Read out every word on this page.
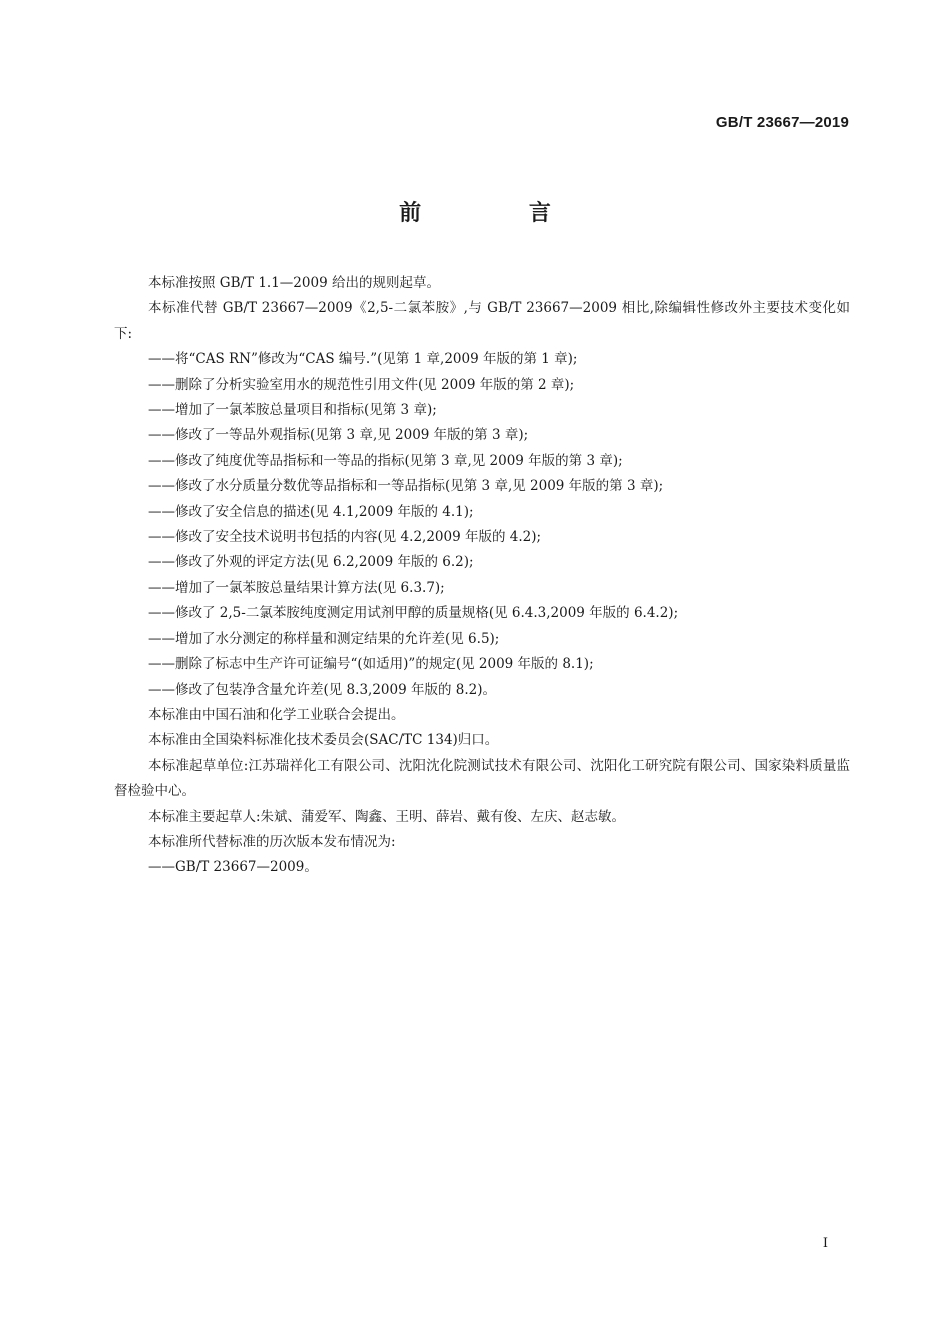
GB/T 23667—2019
前 言

本标准按照 GB/T 1.1—2009 给出的规则起草。

本标准代替 GB/T 23667—2009《2,5-二氯苯胺》,与 GB/T 23667—2009 相比,除编辑性修改外主要技术变化如下:

——将“CAS RN”修改为“CAS 编号.”(见第 1 章,2009 年版的第 1 章);

——删除了分析实验室用水的规范性引用文件(见 2009 年版的第 2 章);

——增加了一氯苯胺总量项目和指标(见第 3 章);

——修改了一等品外观指标(见第 3 章,见 2009 年版的第 3 章);

——修改了纯度优等品指标和一等品的指标(见第 3 章,见 2009 年版的第 3 章);

——修改了水分质量分数优等品指标和一等品指标(见第 3 章,见 2009 年版的第 3 章);

——修改了安全信息的描述(见 4.1,2009 年版的 4.1);

——修改了安全技术说明书包括的内容(见 4.2,2009 年版的 4.2);

——修改了外观的评定方法(见 6.2,2009 年版的 6.2);

——增加了一氯苯胺总量结果计算方法(见 6.3.7);

——修改了 2,5-二氯苯胺纯度测定用试剂甲醇的质量规格(见 6.4.3,2009 年版的 6.4.2);

——增加了水分测定的称样量和测定结果的允许差(见 6.5);

——删除了标志中生产许可证编号“(如适用)”的规定(见 2009 年版的 8.1);

——修改了包装净含量允许差(见 8.3,2009 年版的 8.2)。

本标准由中国石油和化学工业联合会提出。

本标准由全国染料标准化技术委员会(SAC/TC 134)归口。

本标准起草单位:江苏瑞祥化工有限公司、沈阳沈化院测试技术有限公司、沈阳化工研究院有限公司、国家染料质量监督检验中心。

本标准主要起草人:朱斌、蒲爱军、陶鑫、王明、薛岩、戴有俊、左庆、赵志敏。

本标准所代替标准的历次版本发布情况为:

——GB/T 23667—2009。

I
